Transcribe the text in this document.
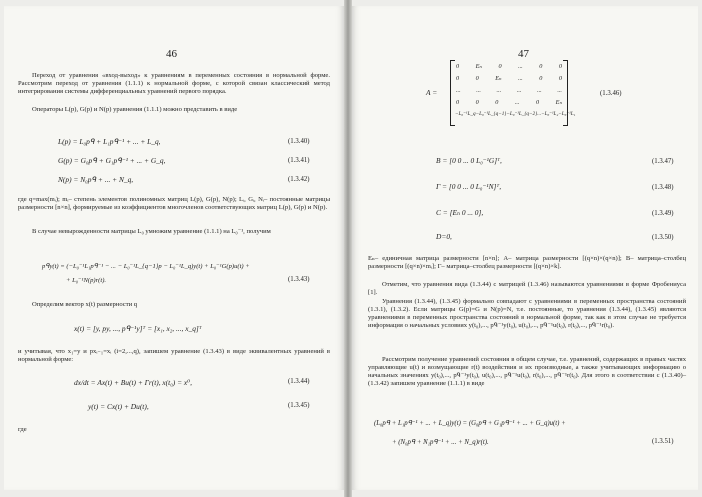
46
Переход от уравнения «вход-выход» к уравнениям в переменных состояния в нормальной форме. Рассмотрим переход от уравнения (1.1.1) к нормальной форме, с которой связан классический метод интегрирования системы дифференциальных уравнений первого порядка.
Операторы L(p), G(p) и N(p) уравнения (1.1.1) можно представить в виде
L(p) = L₀pᑫ + L₁pᑫ⁻¹ + ... + L_q,	(1.3.40)
G(p) = G₀pᑫ + G₁pᑫ⁻¹ + ... + G_q,	(1.3.41)
N(p) = N₀pᑫ + ... + N_q,	(1.3.42)
где q=max(mᵢ); mᵢ– степень элементов полиномных матриц L(p), G(p), N(p); Lᵢ, Gᵢ, Nᵢ– постоянные матрицы размерности [n×n], формируемые из коэффициентов многочленов соответствующих матриц L(p), G(p) и N(p).
В случае невырожденности матрицы L₀ умножим уравнение (1.1.1) на L₀⁻¹, получим
pᑫy(t) = (−L₀⁻¹L₁pᑫ⁻¹ − ... − L₀⁻¹L_{q−1}p − L₀⁻¹L_q)y(t) + L₀⁻¹G(p)u(t) +
+ L₀⁻¹N(p)r(t).	(1.3.43)
Определим вектор x(t) размерности q
x(t) = [y, py, ..., pᑫ⁻¹y]ᵀ = [x₁, x₂, ..., x_q]ᵀ
и учитывая, что x₁=y и pxᵢ₋₁=xᵢ (i=2,...,q), запишем уравнение (1.3.43) в виде эквивалентных уравнений в нормальной форме:
dx/dt = Ax(t) + Bu(t) + Γr(t), x(t₀) = x⁰,	(1.3.44)
y(t) = Cx(t) + Du(t),	(1.3.45)
где
47
A =
0	Eₙ	0	...	0	0
0	0	Eₙ	...	0	0
...	...	...	...	...	...
0	0	0	...	0	Eₙ
−L₀⁻¹L_q −L₀⁻¹L_{q−1} −L₀⁻¹L_{q−2} ... −L₀⁻¹L₂ −L₀⁻¹L₁
(1.3.46)
B = [0 0 ... 0 L₀⁻¹G]ᵀ,	(1.3.47)
Γ = [0 0 ... 0 L₀⁻¹N]ᵀ,	(1.3.48)
C = [Eₙ 0 ... 0],	(1.3.49)
D=0,	(1.3.50)
Eₙ– единичная матрица размерности [n×n]; A– матрица размерности [(q×n)×(q×n)]; B– матрица–столбец размерности [(q×n)×mᵢ]; Γ– матрица–столбец размерности [(q×n)×k].
Отметим, что уравнения вида (1.3.44) с матрицей (1.3.46) называются уравнениями в форме Фробениуса [1].
Уравнения (1.3.44), (1.3.45) формально совпадают с уравнениями в переменных пространства состояний (1.3.1), (1.3.2). Если матрицы G(p)=G и N(p)=N, т.е. постоянные, то уравнения (1.3.44), (1.3.45) являются уравнениями в переменных пространства состояний в нормальной форме, так как в этом случае не требуется информация о начальных условиях y(t₀),..., pᑫ⁻¹y(t₀), u(t₀),..., pᑫ⁻¹u(t₀), r(t₀),..., pᑫ⁻¹r(t₀).
Рассмотрим получение уравнений состояния в общем случае, т.е. уравнений, содержащих в правых частях управляющие u(t) и возмущающие r(t) воздействия и их производные, а также учитывающих информацию о начальных значениях y(t₀),..., pᑫ⁻¹y(t₀), u(t₀),..., pᑫ⁻¹u(t₀), r(t₀),..., pᑫ⁻¹r(t₀). Для этого в соответствии с (1.3.40)–(1.3.42) запишем уравнение (1.1.1) в виде
(L₀pᑫ + L₁pᑫ⁻¹ + ... + L_q)y(t) = (G₀pᑫ + G₁pᑫ⁻¹ + ... + G_q)u(t) +
+ (N₀pᑫ + N₁pᑫ⁻¹ + ... + N_q)r(t).	(1.3.51)
